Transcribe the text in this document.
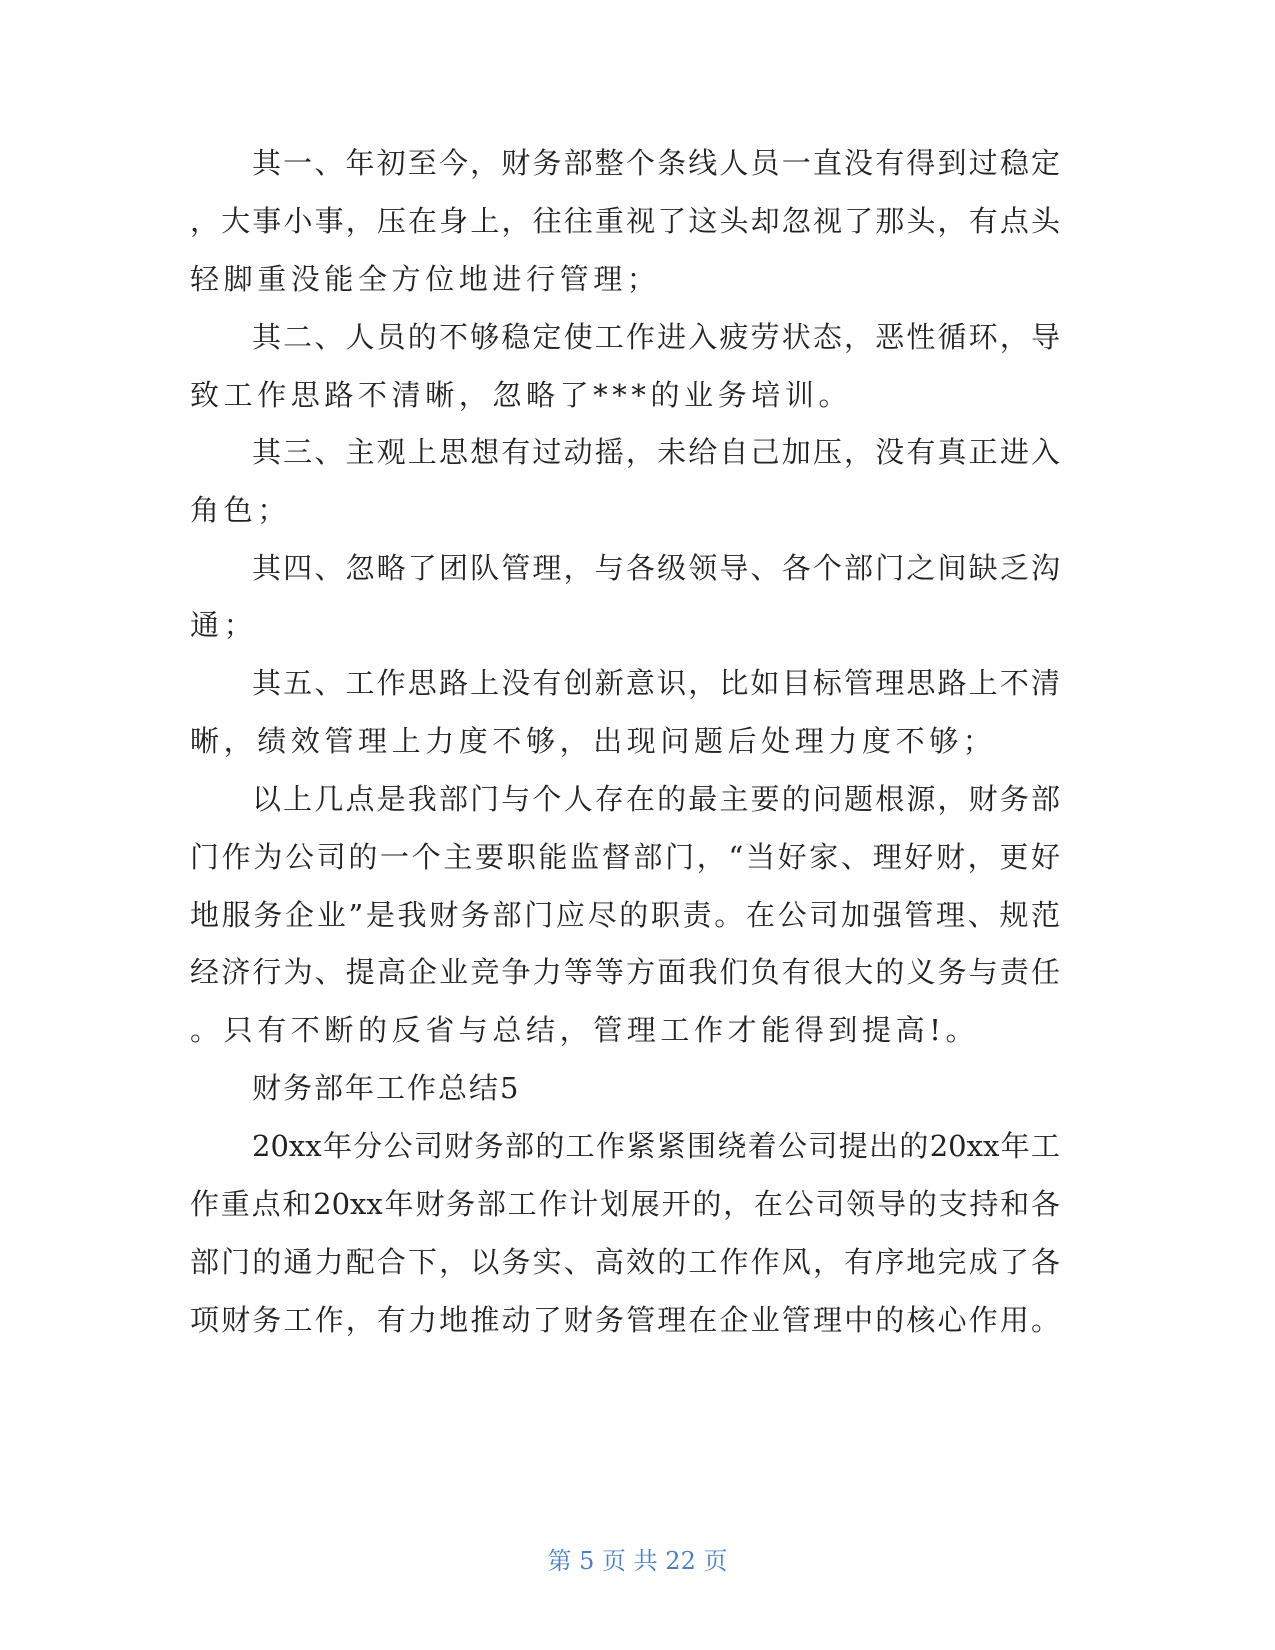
其一、年初至今，财务部整个条线人员一直没有得到过稳定
，大事小事，压在身上，往往重视了这头却忽视了那头，有点头
轻脚重没能全方位地进行管理；
其二、人员的不够稳定使工作进入疲劳状态，恶性循环，导
致工作思路不清晰，忽略了***的业务培训。
其三、主观上思想有过动摇，未给自己加压，没有真正进入
角色；
其四、忽略了团队管理，与各级领导、各个部门之间缺乏沟
通；
其五、工作思路上没有创新意识，比如目标管理思路上不清
晰，绩效管理上力度不够，出现问题后处理力度不够；
以上几点是我部门与个人存在的最主要的问题根源，财务部
门作为公司的一个主要职能监督部门，“当好家、理好财，更好
地服务企业”是我财务部门应尽的职责。在公司加强管理、规范
经济行为、提高企业竞争力等等方面我们负有很大的义务与责任
。只有不断的反省与总结，管理工作才能得到提高!。
财务部年工作总结5
20xx年分公司财务部的工作紧紧围绕着公司提出的20xx年工
作重点和20xx年财务部工作计划展开的，在公司领导的支持和各
部门的通力配合下，以务实、高效的工作作风，有序地完成了各
项财务工作，有力地推动了财务管理在企业管理中的核心作用。
第 5 页 共 22 页
